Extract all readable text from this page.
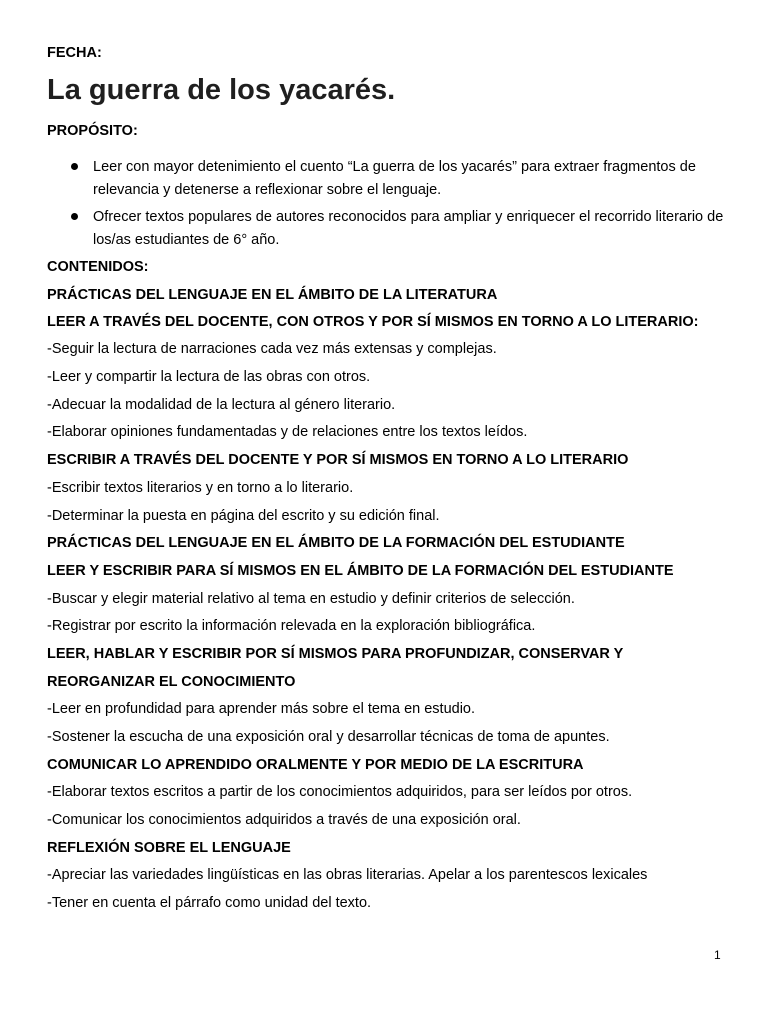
FECHA:
La guerra de los yacarés.
PROPÓSITO:
Leer con mayor detenimiento el cuento “La guerra de los yacarés” para extraer fragmentos de relevancia y detenerse a reflexionar sobre el lenguaje.
Ofrecer textos populares de autores reconocidos para ampliar y enriquecer el recorrido literario de los/as estudiantes de 6° año.
CONTENIDOS:
PRÁCTICAS DEL LENGUAJE EN EL ÁMBITO DE LA LITERATURA
LEER A TRAVÉS DEL DOCENTE, CON OTROS Y POR SÍ MISMOS EN TORNO A LO LITERARIO:
-Seguir la lectura de narraciones cada vez más extensas y complejas.
-Leer y compartir la lectura de las obras con otros.
-Adecuar la modalidad de la lectura al género literario.
-Elaborar opiniones fundamentadas y de relaciones entre los textos leídos.
ESCRIBIR A TRAVÉS DEL DOCENTE Y POR SÍ MISMOS EN TORNO A LO LITERARIO
-Escribir textos literarios y en torno a lo literario.
-Determinar la puesta en página del escrito y su edición final.
PRÁCTICAS DEL LENGUAJE EN EL ÁMBITO DE LA FORMACIÓN DEL ESTUDIANTE
LEER Y ESCRIBIR PARA SÍ MISMOS EN EL ÁMBITO DE LA FORMACIÓN DEL ESTUDIANTE
-Buscar y elegir material relativo al tema en estudio y definir criterios de selección.
-Registrar por escrito la información relevada en la exploración bibliográfica.
LEER, HABLAR Y ESCRIBIR POR SÍ MISMOS PARA PROFUNDIZAR, CONSERVAR Y
REORGANIZAR EL CONOCIMIENTO
-Leer en profundidad para aprender más sobre el tema en estudio.
-Sostener la escucha de una exposición oral y desarrollar técnicas de toma de apuntes.
COMUNICAR LO APRENDIDO ORALMENTE Y POR MEDIO DE LA ESCRITURA
-Elaborar textos escritos a partir de los conocimientos adquiridos, para ser leídos por otros.
-Comunicar los conocimientos adquiridos a través de una exposición oral.
REFLEXIÓN SOBRE EL LENGUAJE
-Apreciar las variedades lingüísticas en las obras literarias. Apelar a los parentescos lexicales
-Tener en cuenta el párrafo como unidad del texto.
1
